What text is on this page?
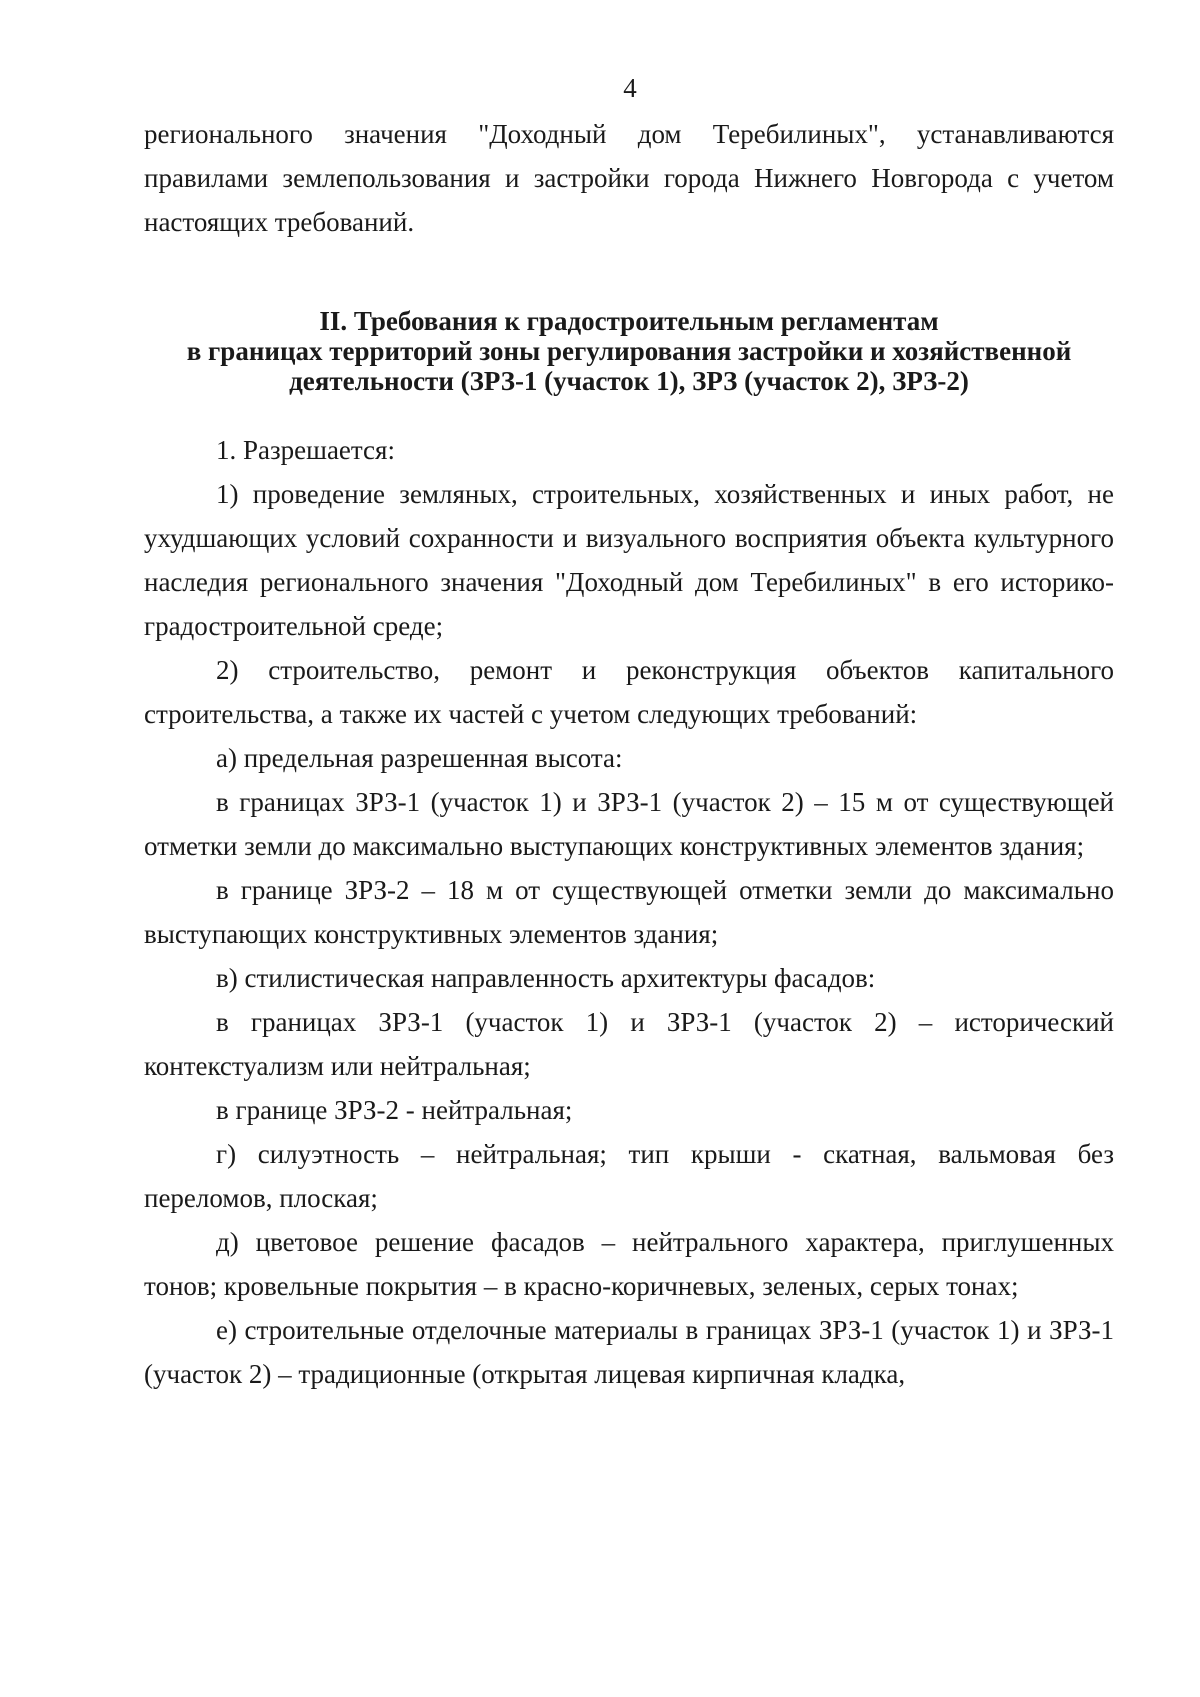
4

регионального значения "Доходный дом Теребилиных", устанавливаются правилами землепользования и застройки города Нижнего Новгорода с учетом настоящих требований.

II. Требования к градостроительным регламентам
в границах территорий зоны регулирования застройки и хозяйственной
деятельности (ЗРЗ-1 (участок 1), ЗРЗ (участок 2), ЗРЗ-2)

1. Разрешается:

1) проведение земляных, строительных, хозяйственных и иных работ, не ухудшающих условий сохранности и визуального восприятия объекта культурного наследия регионального значения "Доходный дом Теребилиных" в его историко-градостроительной среде;

2) строительство, ремонт и реконструкция объектов капитального строительства, а также их частей с учетом следующих требований:

а) предельная разрешенная высота:

в границах ЗРЗ-1 (участок 1) и ЗРЗ-1 (участок 2) – 15 м от существующей отметки земли до максимально выступающих конструктивных элементов здания;

в границе ЗРЗ-2 – 18 м от существующей отметки земли до максимально выступающих конструктивных элементов здания;

в) стилистическая направленность архитектуры фасадов:

в границах ЗРЗ-1 (участок 1) и ЗРЗ-1 (участок 2) – исторический контекстуализм или нейтральная;

в границе ЗРЗ-2 - нейтральная;

г) силуэтность – нейтральная; тип крыши - скатная, вальмовая без переломов, плоская;

д) цветовое решение фасадов – нейтрального характера, приглушенных тонов; кровельные покрытия – в красно-коричневых, зеленых, серых тонах;

е) строительные отделочные материалы в границах ЗРЗ-1 (участок 1) и ЗРЗ-1 (участок 2) – традиционные (открытая лицевая кирпичная кладка,
